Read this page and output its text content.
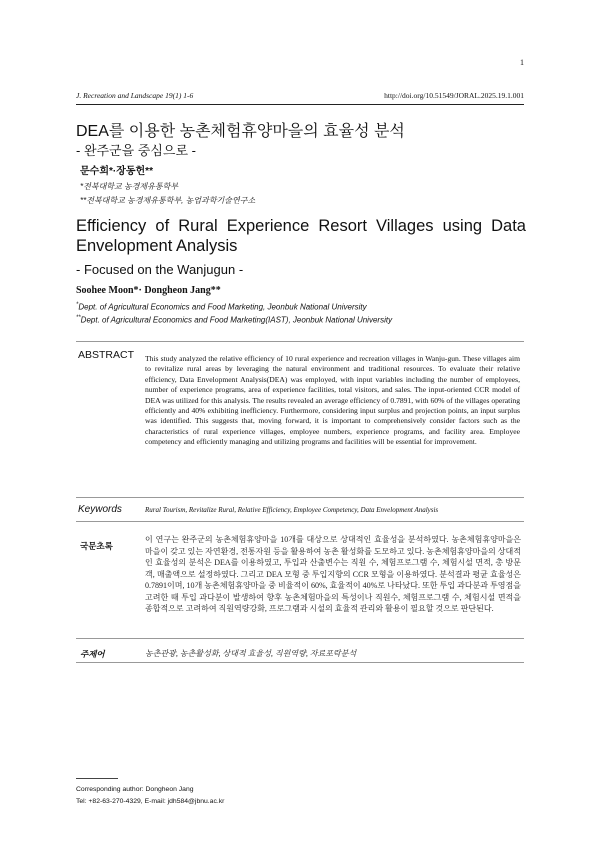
1
J. Recreation and Landscape 19(1) 1-6	http://doi.org/10.51549/JORAL.2025.19.1.001
DEA를 이용한 농촌체험휴양마을의 효율성 분석
- 완주군을 중심으로 -
문수희*·장동헌**
*전북대학교 농경제유통학부
**전북대학교 농경제유통학부, 농업과학기술연구소
Efficiency of Rural Experience Resort Villages using Data Envelopment Analysis
- Focused on the Wanjugun -
Soohee Moon*· Dongheon Jang**
*Dept. of Agricultural Economics and Food Marketing, Jeonbuk National University
**Dept. of Agricultural Economics and Food Marketing(IAST), Jeonbuk National University
ABSTRACT This study analyzed the relative efficiency of 10 rural experience and recreation villages in Wanju-gun. These villages aim to revitalize rural areas by leveraging the natural environment and traditional resources. To evaluate their relative efficiency, Data Envelopment Analysis(DEA) was employed, with input variables including the number of employees, number of experience programs, area of experience facilities, total visitors, and sales. The input-oriented CCR model of DEA was utilized for this analysis. The results revealed an average efficiency of 0.7891, with 60% of the villages operating efficiently and 40% exhibiting inefficiency. Furthermore, considering input surplus and projection points, an input surplus was identified. This suggests that, moving forward, it is important to comprehensively consider factors such as the characteristics of rural experience villages, employee numbers, experience programs, and facility area. Employee competency and efficiently managing and utilizing programs and facilities will be essential for improvement.
Keywords	Rural Tourism, Revitalize Rural, Relative Efficiency, Employee Competency, Data Envelopment Analysis
국문초록
이 연구는 완주군의 농촌체험휴양마을 10개를 대상으로 상대적인 효율성을 분석하였다. 농촌체험휴양마을은 마을이 갖고 있는 자연환경, 전통자원 등을 활용하여 농촌 활성화를 도모하고 있다. 농촌체험휴양마을의 상대적인 효율성의 분석은 DEA를 이용하였고, 투입과 산출변수는 직원 수, 체험프로그램 수, 체험시설 면적, 총 방문객, 매출액으로 설정하였다. 그리고 DEA 모형 중 투입지향의 CCR 모형을 이용하였다. 분석결과 평균 효율성은 0.7891이며, 10개 농촌체험휴양마을 중 비율적이 60%, 효율적이 40%로 나타났다. 또한 투입 과다분과 투영점을 고려한 때 투입 과다분이 발생하여 향후 농촌체험마을의 특성이나 직원수, 체험프로그램 수, 체험시설 면적을 종합적으로 고려하여 직원역량강화, 프로그램과 시설의 효율적 관리와 활용이 필요할 것으로 판단된다.
주제어	농촌관광, 농촌활성화, 상대적 효율성, 직원역량, 자료포락분석
Corresponding author: Dongheon Jang
Tel: +82-63-270-4329, E-mail: jdh584@jbnu.ac.kr
